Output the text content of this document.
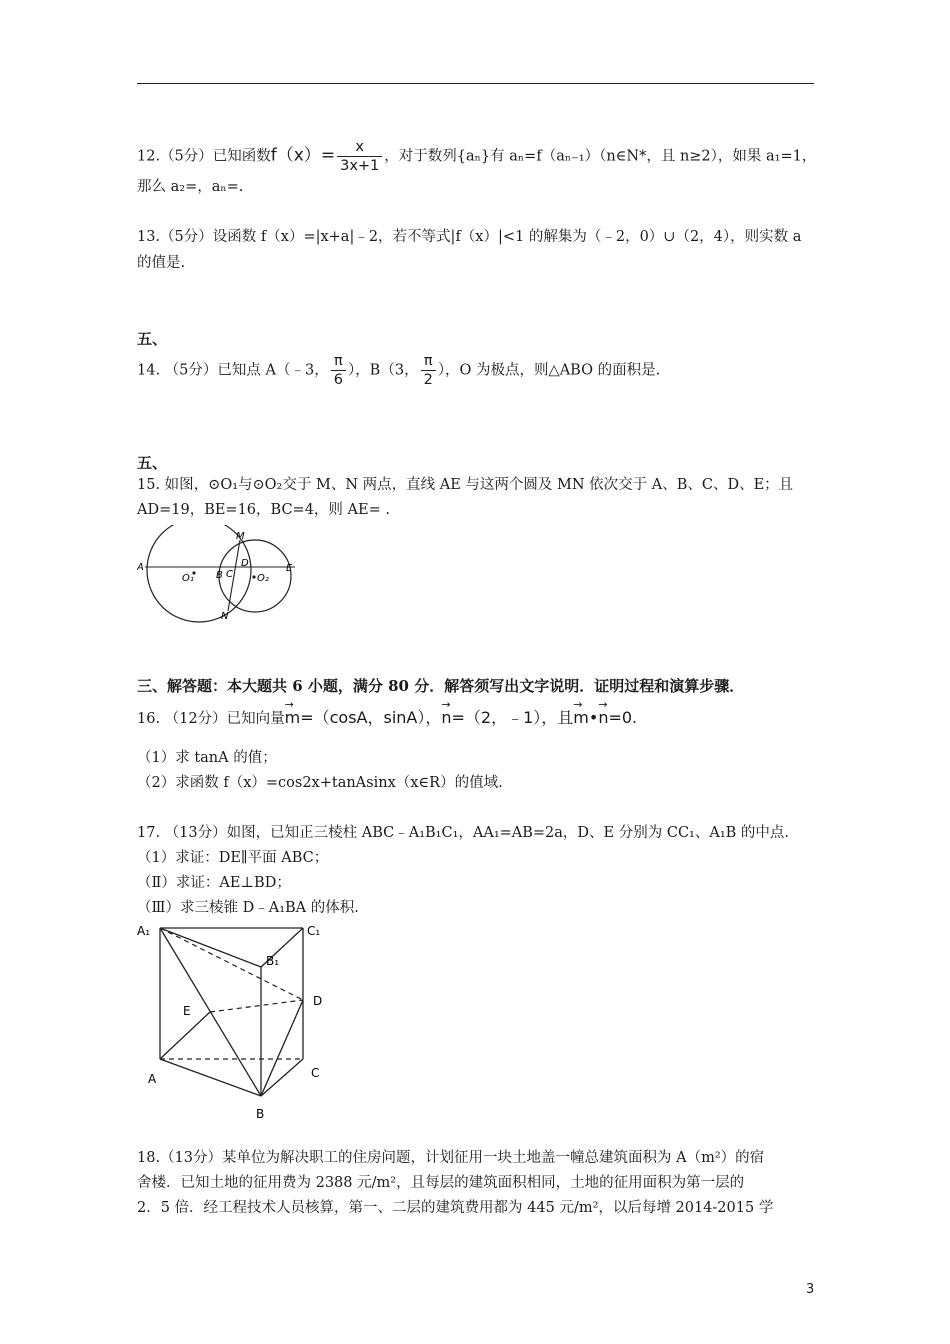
12.（5分）已知函数$f(x)= \frac{x}{3x+1}$ ，对于数列{aₙ}有 aₙ=f（aₙ₋₁）（n∈N*，且 n≥2），如果 a₁=1，
那么 a₂=，aₙ=.
13.（5分）设函数 f（x）=|x+a|﹣2，若不等式|f（x）|<1 的解集为（﹣2，0）∪（2，4），则实数 a
的值是.
五、
14. （5分）已知点 A（﹣3， $\frac{\pi}{6}$ ），B（3， $\frac{\pi}{2}$ ），O 为极点，则△ABO 的面积是.
五、
15. 如图，⊙O₁与⊙O₂交于 M、N 两点，直线 AE 与这两个圆及 MN 依次交于 A、B、C、D、E；且
AD=19，BE=16，BC=4，则 AE= .
A
B C
D	E
M
N
O₁	O₂
三、解答题：本大题共 6 小题，满分 80 分．解答须写出文字说明．证明过程和演算步骤．
16. （12分）已知向量→ m=（cosA，sinA），→ n=（2，﹣1），且→ m•→ n=0.
（1）求 tanA 的值；
（2）求函数 f（x）=cos2x+tanAsinx（x∈R）的值域.
17. （13分）如图，已知正三棱柱 ABC﹣A₁B₁C₁，AA₁=AB=2a，D、E 分别为 CC₁、A₁B 的中点.
（1）求证：DE∥平面 ABC；
（Ⅱ）求证：AE⊥BD；
（Ⅲ）求三棱锥 D﹣A₁BA 的体积.
A₁	C₁
B₁
E
D
A	C
B
18.（13分）某单位为解决职工的住房问题，计划征用一块土地盖一幢总建筑面积为 A（m²）的宿
舍楼．已知土地的征用费为 2388 元/m²，且每层的建筑面积相同，土地的征用面积为第一层的
2．5 倍．经工程技术人员核算，第一、二层的建筑费用都为 445 元/m²，以后每增 2014-2015 学
3
